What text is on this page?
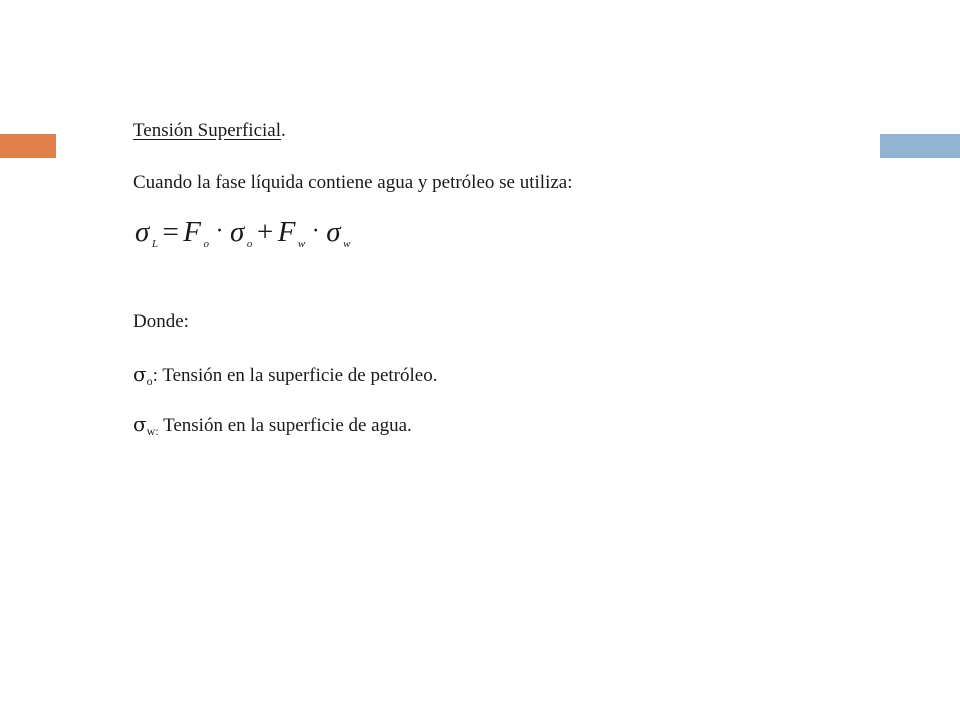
Tensión Superficial.

Cuando la fase líquida contiene agua y petróleo se utiliza:

σ $_L$ = F $_o$ · σ $_o$ + F $_w$ · σ $_w$

Donde:

$\sigma_o$: Tensión en la superficie de petróleo.

$\sigma_{w:}$ Tensión en la superficie de agua.
